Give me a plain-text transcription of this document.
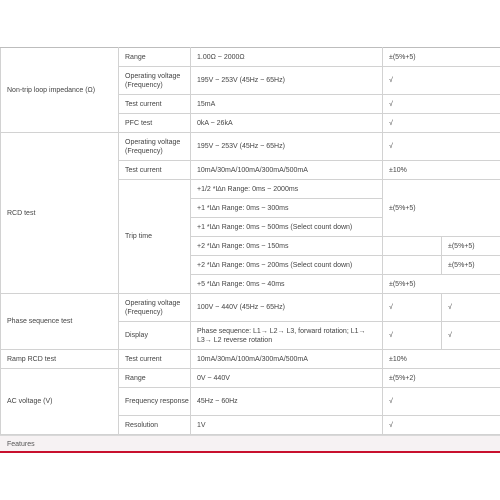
Non-trip loop impedance (Ω)	Range	1.00Ω ~ 2000Ω	±(5%+5)	
	Operating voltage (Frequency)	195V ~ 253V (45Hz ~ 65Hz)	√	
	Test current	15mA	√	
	PFC test	0kA ~ 26kA	√	
RCD test	Operating voltage (Frequency)	195V ~ 253V (45Hz ~ 65Hz)	√	
	Test current	10mA/30mA/100mA/300mA/500mA	±10%	
	Trip time	+1/2 *I∆n Range: 0ms ~ 2000ms	±(5%+5)	
		+1 *I∆n Range: 0ms ~ 300ms		
		+1 *I∆n Range: 0ms ~ 500ms (Select count down)		
		+2 *I∆n Range: 0ms ~ 150ms		±(5%+5)
		+2 *I∆n Range: 0ms ~ 200ms (Select count down)		±(5%+5)
		+5 *I∆n Range: 0ms ~ 40ms	±(5%+5)	
Phase sequence test	Operating voltage (Frequency)	100V ~ 440V (45Hz ~ 65Hz)	√	√
	Display	Phase sequence: L1→ L2→ L3, forward rotation; L1→ L3→ L2 reverse rotation	√	√
Ramp RCD test	Test current	10mA/30mA/100mA/300mA/500mA	±10%	
AC voltage (V)	Range	0V ~ 440V	±(5%+2)	
	Frequency response	45Hz ~ 60Hz	√	
	Resolution	1V	√	
Features
